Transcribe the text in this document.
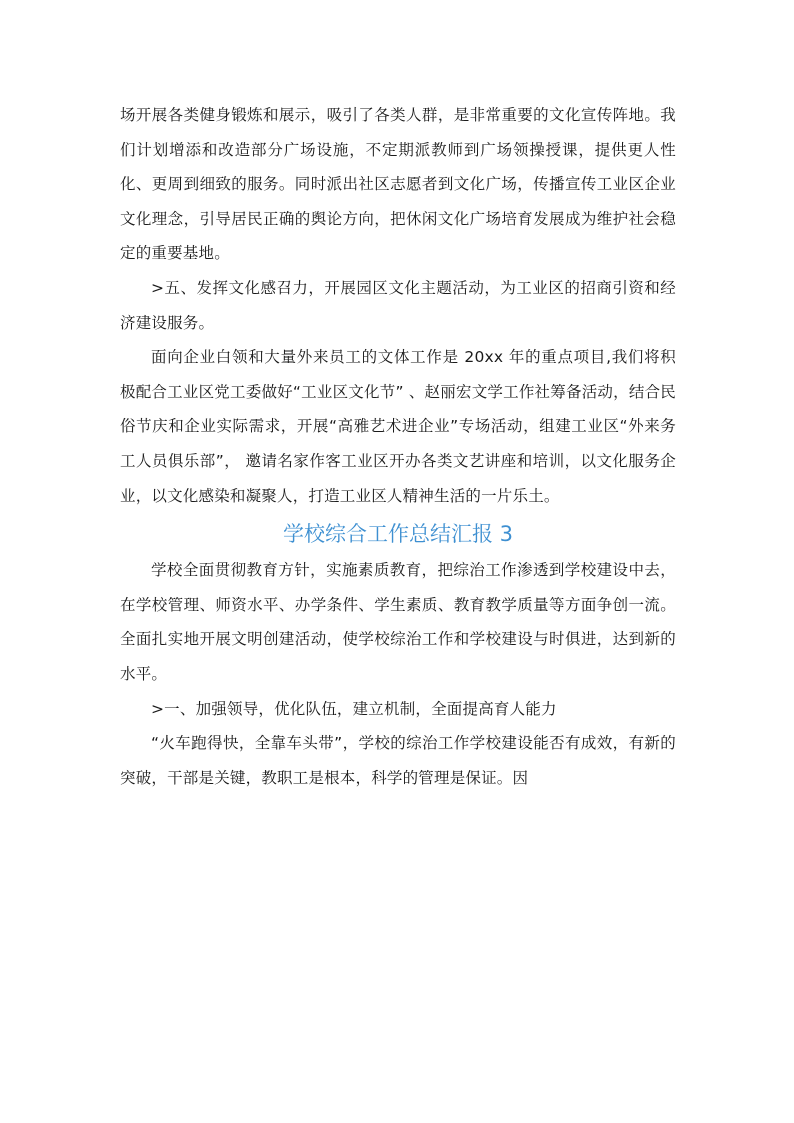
场开展各类健身锻炼和展示，吸引了各类人群，是非常重要的文化宣传阵地。我们计划增添和改造部分广场设施，不定期派教师到广场领操授课，提供更人性化、更周到细致的服务。同时派出社区志愿者到文化广场，传播宣传工业区企业文化理念，引导居民正确的舆论方向，把休闲文化广场培育发展成为维护社会稳定的重要基地。

>五、发挥文化感召力，开展园区文化主题活动，为工业区的招商引资和经济建设服务。

面向企业白领和大量外来员工的文体工作是 20xx 年的重点项目,我们将积极配合工业区党工委做好“工业区文化节” 、赵丽宏文学工作社筹备活动，结合民俗节庆和企业实际需求，开展“高雅艺术进企业”专场活动，组建工业区“外来务工人员俱乐部”， 邀请名家作客工业区开办各类文艺讲座和培训，以文化服务企业，以文化感染和凝聚人，打造工业区人精神生活的一片乐土。

学校综合工作总结汇报 3

学校全面贯彻教育方针，实施素质教育，把综治工作渗透到学校建设中去，在学校管理、师资水平、办学条件、学生素质、教育教学质量等方面争创一流。全面扎实地开展文明创建活动，使学校综治工作和学校建设与时俱进，达到新的水平。

>一、加强领导，优化队伍，建立机制，全面提高育人能力

“火车跑得快，全靠车头带”，学校的综治工作学校建设能否有成效，有新的突破，干部是关键，教职工是根本，科学的管理是保证。因
